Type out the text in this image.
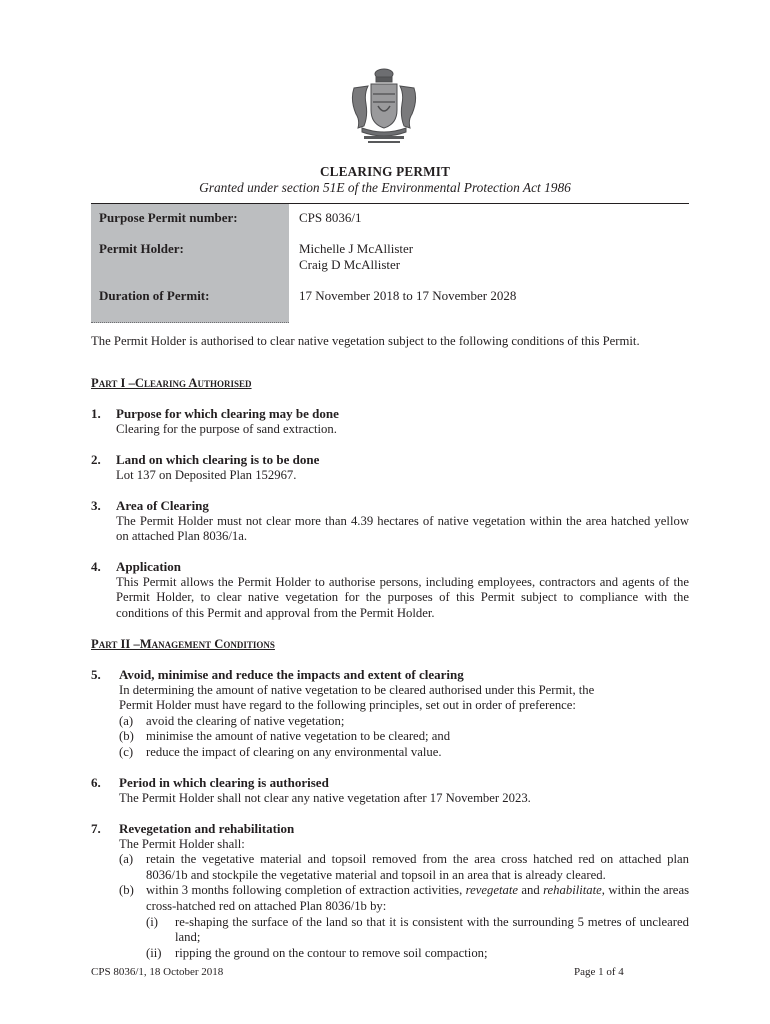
CLEARING PERMIT
Granted under section 51E of the Environmental Protection Act 1986
Purpose Permit number:	CPS 8036/1
Permit Holder:	Michelle J McAllister
Craig D McAllister
Duration of Permit:	17 November 2018 to 17 November 2028
The Permit Holder is authorised to clear native vegetation subject to the following conditions of this Permit.
Part I –Clearing Authorised
1. Purpose for which clearing may be done
Clearing for the purpose of sand extraction.
2. Land on which clearing is to be done
Lot 137 on Deposited Plan 152967.
3. Area of Clearing
The Permit Holder must not clear more than 4.39 hectares of native vegetation within the area hatched yellow on attached Plan 8036/1a.
4. Application
This Permit allows the Permit Holder to authorise persons, including employees, contractors and agents of the Permit Holder, to clear native vegetation for the purposes of this Permit subject to compliance with the conditions of this Permit and approval from the Permit Holder.
Part II –Management Conditions
5. Avoid, minimise and reduce the impacts and extent of clearing
In determining the amount of native vegetation to be cleared authorised under this Permit, the
Permit Holder must have regard to the following principles, set out in order of preference:
(a) avoid the clearing of native vegetation;
(b) minimise the amount of native vegetation to be cleared; and
(c) reduce the impact of clearing on any environmental value.
6. Period in which clearing is authorised
The Permit Holder shall not clear any native vegetation after 17 November 2023.
7. Revegetation and rehabilitation
The Permit Holder shall:
(a) retain the vegetative material and topsoil removed from the area cross hatched red on attached plan 8036/1b and stockpile the vegetative material and topsoil in an area that is already cleared.
(b) within 3 months following completion of extraction activities, revegetate and rehabilitate, within the areas cross-hatched red on attached Plan 8036/1b by:
(i) re-shaping the surface of the land so that it is consistent with the surrounding 5 metres of uncleared land;
(ii) ripping the ground on the contour to remove soil compaction;
CPS 8036/1, 18 October 2018	Page 1 of 4
